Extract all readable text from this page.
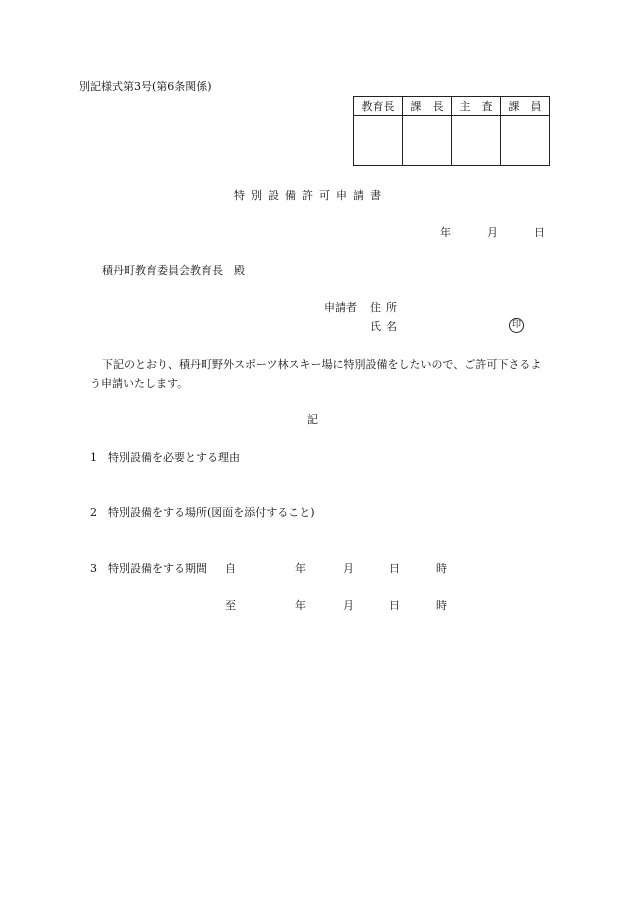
別記様式第3号(第6条関係)
教育長	課　長	主　査	課　員

特別設備許可申請書
年	月	日
積丹町教育委員会教育長　殿
申請者 住所
氏名	印
下記のとおり、積丹町野外スポーツ林スキー場に特別設備をしたいので、ご許可下さるよう申請いたします。
記
1 特別設備を必要とする理由
2 特別設備をする場所(図面を添付すること)
3 特別設備をする期間 自	年	月	日	時
至	年	月	日	時
